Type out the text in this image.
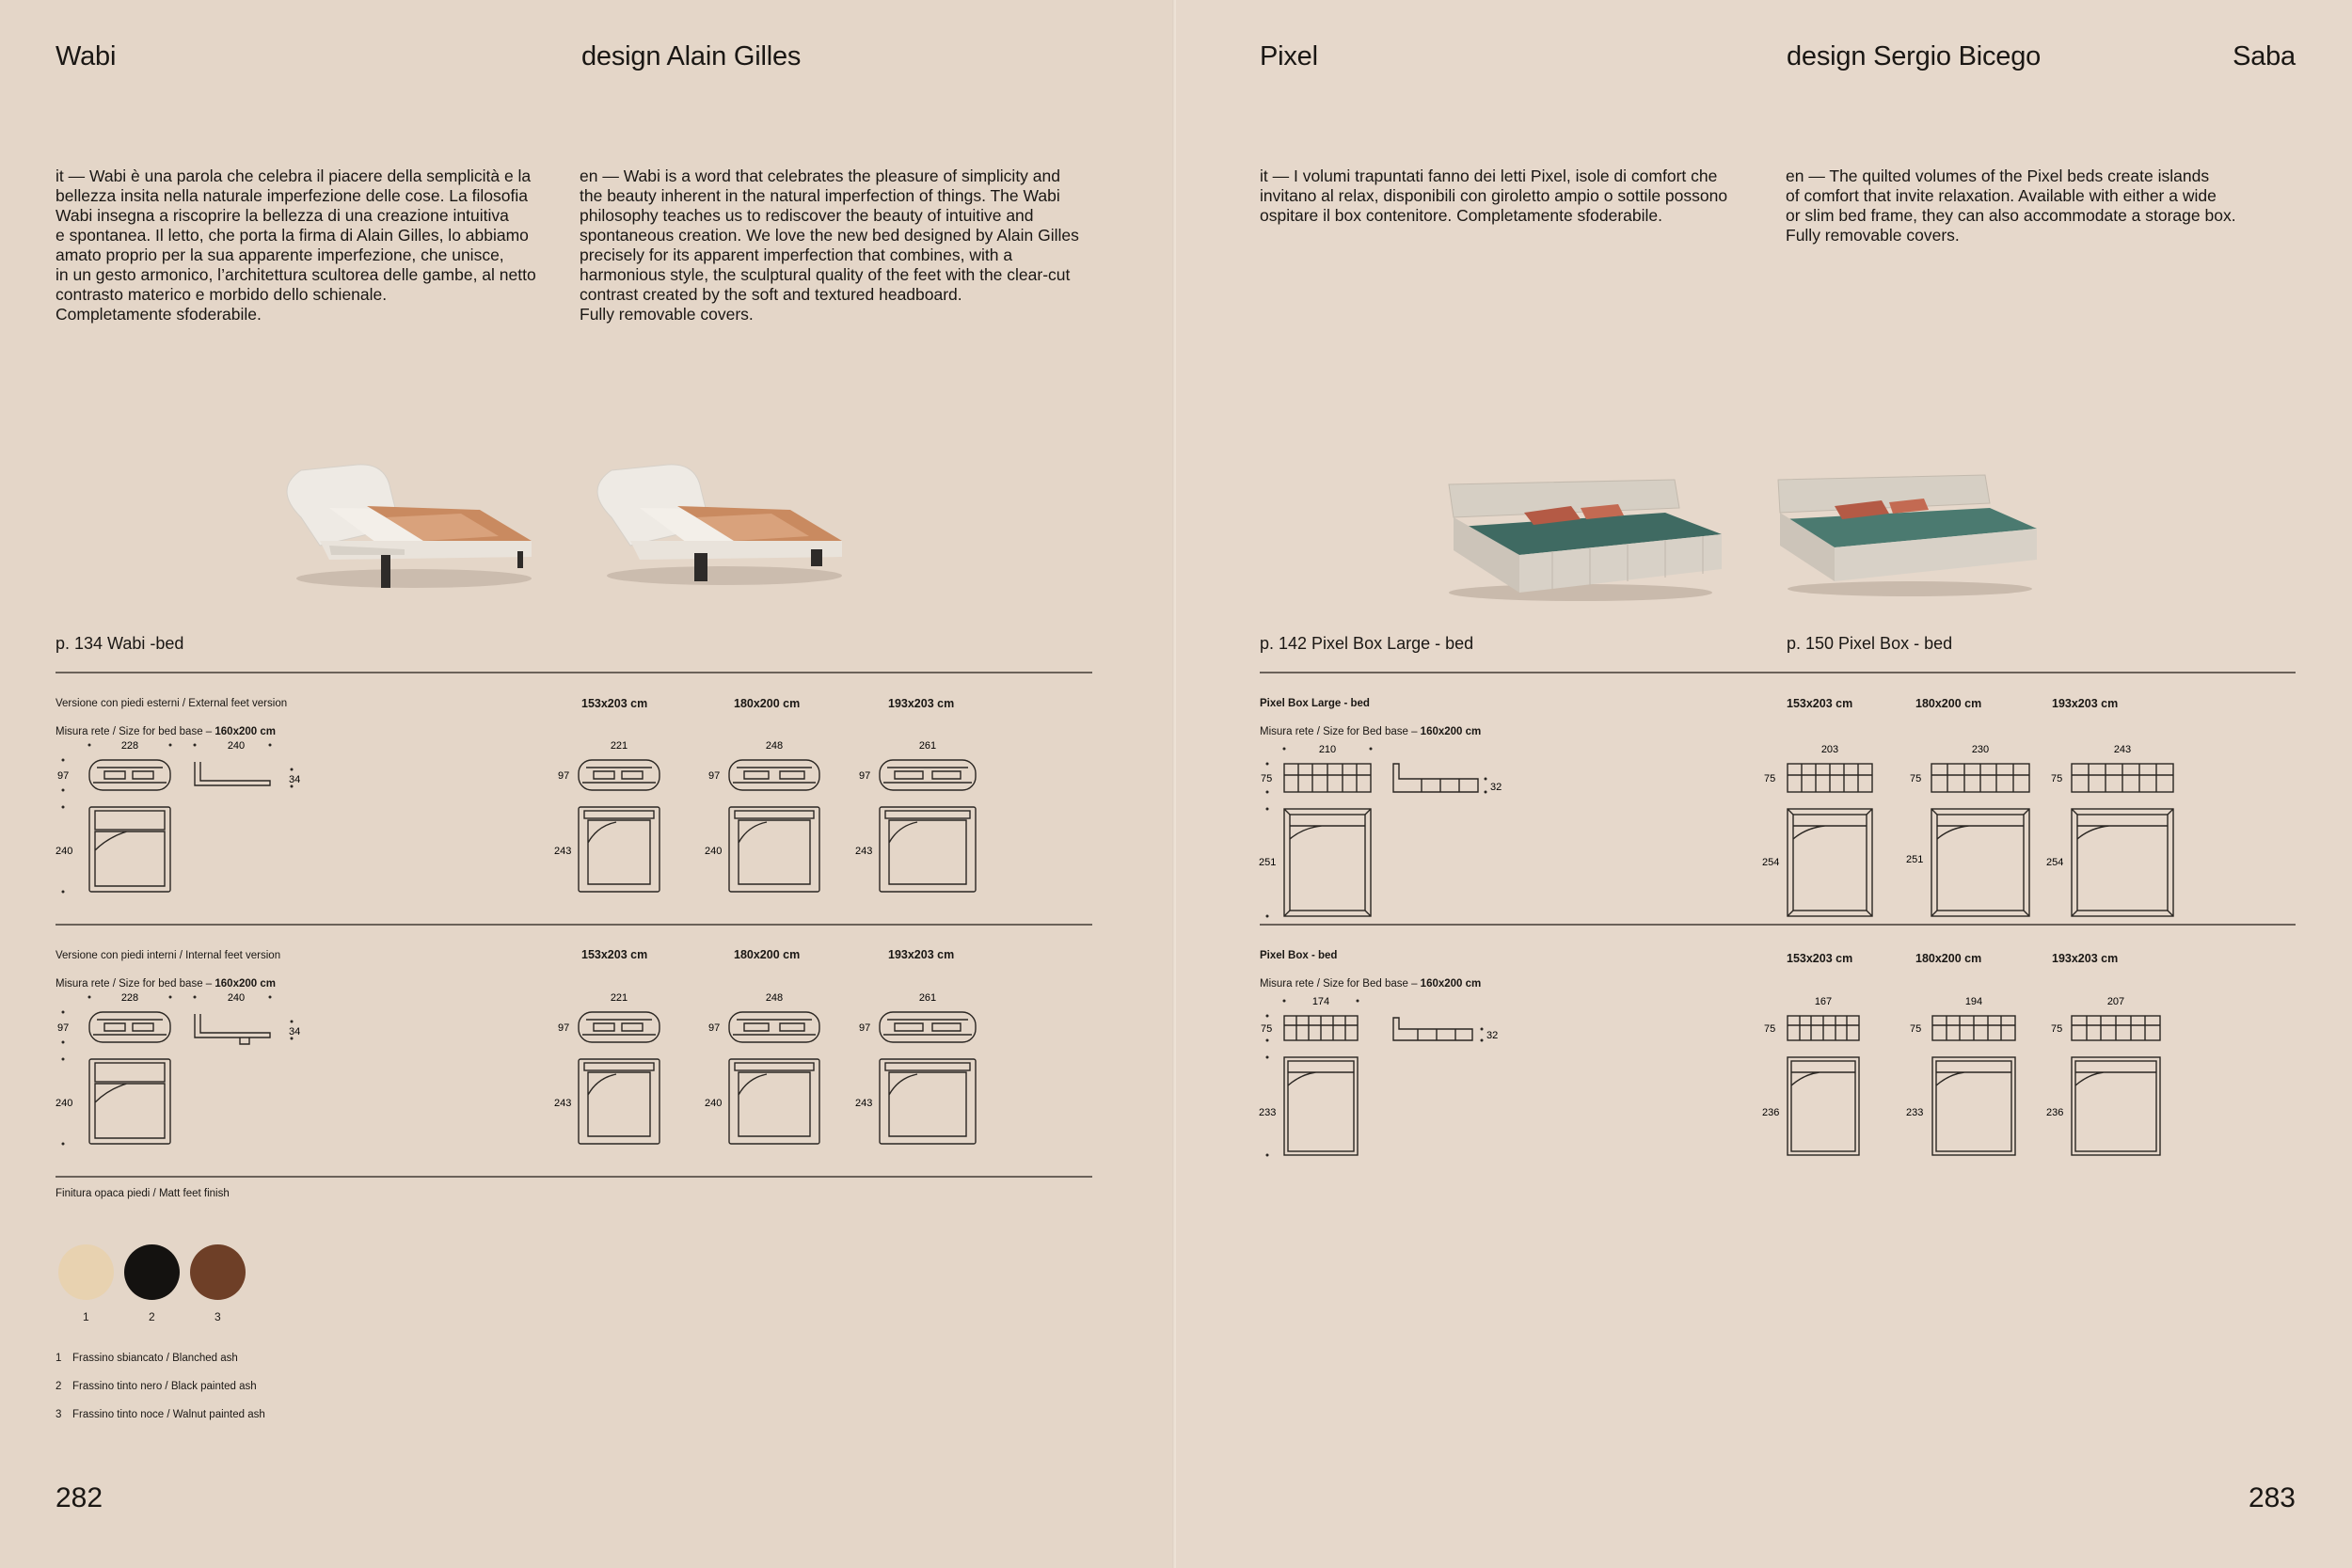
Wabi	design Alain Gilles
it — Wabi è una parola che celebra il piacere della semplicità e la
bellezza insita nella naturale imperfezione delle cose. La filosofia
Wabi insegna a riscoprire la bellezza di una creazione intuitiva
e spontanea. Il letto, che porta la firma di Alain Gilles, lo abbiamo
amato proprio per la sua apparente imperfezione, che unisce,
in un gesto armonico, l’architettura scultorea delle gambe, al netto
contrasto materico e morbido dello schienale.
Completamente sfoderabile.
en — Wabi is a word that celebrates the pleasure of simplicity and
the beauty inherent in the natural imperfection of things. The Wabi
philosophy teaches us to rediscover the beauty of intuitive and
spontaneous creation. We love the new bed designed by Alain Gilles
precisely for its apparent imperfection that combines, with a
harmonious style, the sculptural quality of the feet with the clear-cut
contrast created by the soft and textured headboard.
Fully removable covers.
p. 134 Wabi -bed

Versione con piedi esterni / External feet version

Misura rete / Size for bed base – 160x200 cm

153x203 cm	180x200 cm	193x203 cm
228	240
97
240
34
221	248	261
97	97	97
243	240	243

Versione con piedi interni / Internal feet version

Misura rete / Size for bed base – 160x200 cm

153x203 cm	180x200 cm	193x203 cm
228	240
97
240
34
221	248	261
97	97	97
243	240	243
Finitura opaca piedi / Matt feet finish
1	2	3

1 Frassino sbiancato / Blanched ash

2 Frassino tinto nero / Black painted ash

3 Frassino tinto noce / Walnut painted ash

282
Pixel	design Sergio Bicego	Saba
it — I volumi trapuntati fanno dei letti Pixel, isole di comfort che
invitano al relax, disponibili con giroletto ampio o sottile possono
ospitare il box contenitore. Completamente sfoderabile.
en — The quilted volumes of the Pixel beds create islands
of comfort that invite relaxation. Available with either a wide
or slim bed frame, they can also accommodate a storage box.
Fully removable covers.
p. 142 Pixel Box Large - bed	p. 150 Pixel Box - bed

Pixel Box Large - bed

Misura rete / Size for Bed base – 160x200 cm

153x203 cm	180x200 cm	193x203 cm
210
75
251
32
203	230	243
75	75	75
254	251	254

Pixel Box - bed

Misura rete / Size for Bed base – 160x200 cm

153x203 cm	180x200 cm	193x203 cm
174
75
233
32
167	194	207
75	75	75
236	233	236
283
